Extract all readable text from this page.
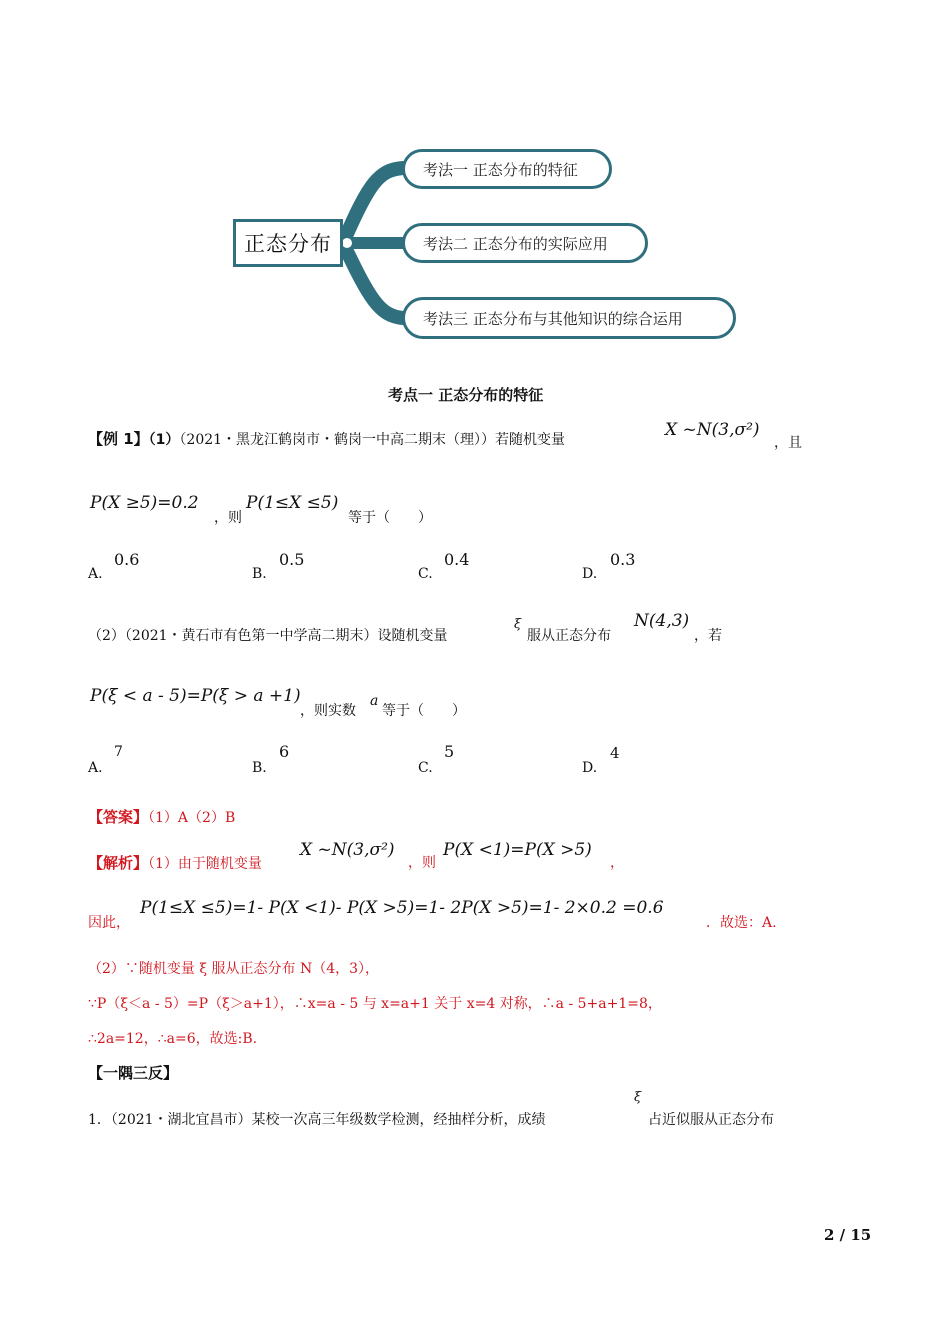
正态分布
考法一 正态分布的特征
考法二 正态分布的实际应用
考法三 正态分布与其他知识的综合运用
考点一 正态分布的特征
【例 1】（1）（2021・黑龙江鹤岗市・鹤岗一中高二期末（理））若随机变量	X ~N(3,σ²)
，且
P(X ≥5)=0.2
，则
P(1≤X ≤5)
等于（　　）
A.
0.6
B.
0.5
C.
0.4
D.
0.3
（2）（2021・黄石市有色第一中学高二期末）设随机变量
ξ
服从正态分布
N(4,3)
，若
P(ξ < a - 5)=P(ξ > a +1)
，则实数
a
等于（　　）
A.
7
B.
6
C.
5
D.
4
【答案】（1）A（2）B
【解析】（1）由于随机变量
X ~N(3,σ²)
，则
P(X <1)=P(X >5)
，
因此，
P(1≤X ≤5)=1- P(X <1)- P(X >5)=1- 2P(X >5)=1- 2×0.2 =0.6
．故选：A.
（2）∵随机变量 ξ 服从正态分布 N（4，3），
∵P（ξ＜a - 5）=P（ξ＞a+1），∴x=a - 5 与 x=a+1 关于 x=4 对称，∴a - 5+a+1=8，
∴2a=12，∴a=6，故选:B.
【一隅三反】
1．（2021・湖北宜昌市）某校一次高三年级数学检测，经抽样分析，成绩
ξ
占近似服从正态分布
2 / 15
